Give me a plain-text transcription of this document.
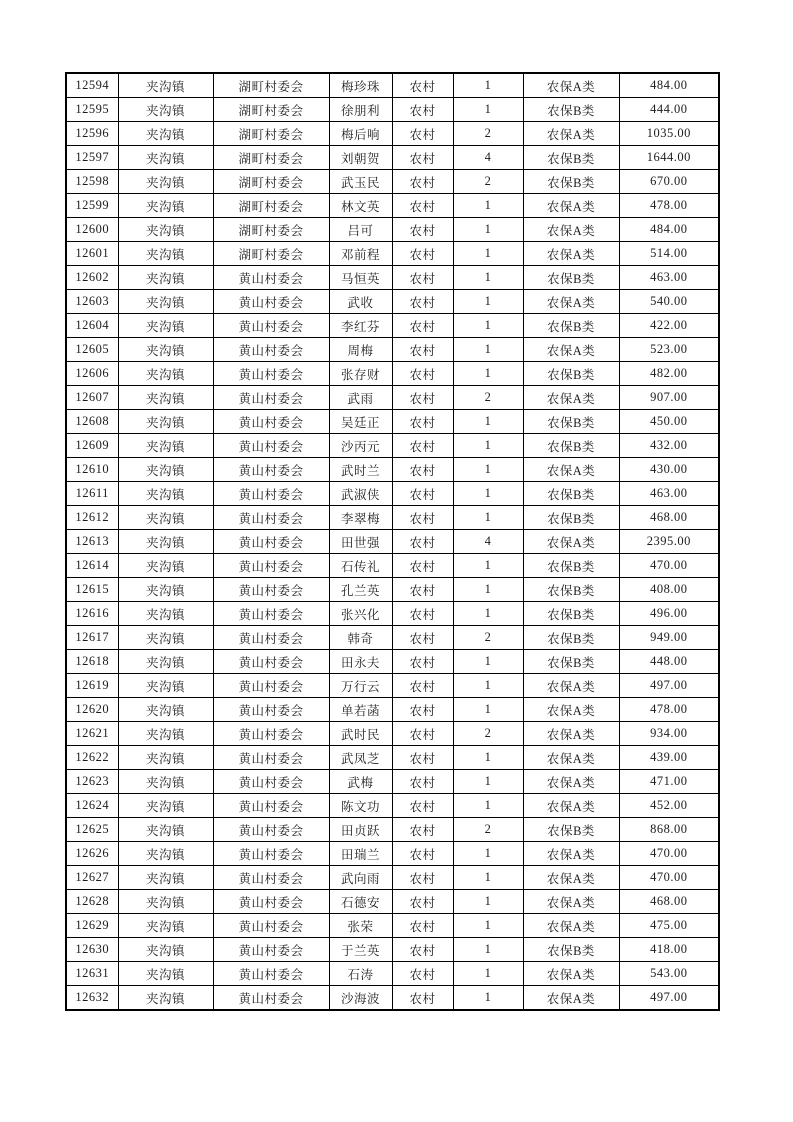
12594	夹沟镇	湖町村委会	梅珍珠	农村	1	农保A类	484.00
12595	夹沟镇	湖町村委会	徐朋利	农村	1	农保B类	444.00
12596	夹沟镇	湖町村委会	梅后响	农村	2	农保A类	1035.00
12597	夹沟镇	湖町村委会	刘朝贺	农村	4	农保B类	1644.00
12598	夹沟镇	湖町村委会	武玉民	农村	2	农保B类	670.00
12599	夹沟镇	湖町村委会	林文英	农村	1	农保A类	478.00
12600	夹沟镇	湖町村委会	吕可	农村	1	农保A类	484.00
12601	夹沟镇	湖町村委会	邓前程	农村	1	农保A类	514.00
12602	夹沟镇	黄山村委会	马恒英	农村	1	农保B类	463.00
12603	夹沟镇	黄山村委会	武收	农村	1	农保A类	540.00
12604	夹沟镇	黄山村委会	李红芬	农村	1	农保B类	422.00
12605	夹沟镇	黄山村委会	周梅	农村	1	农保A类	523.00
12606	夹沟镇	黄山村委会	张存财	农村	1	农保B类	482.00
12607	夹沟镇	黄山村委会	武雨	农村	2	农保A类	907.00
12608	夹沟镇	黄山村委会	吴廷正	农村	1	农保B类	450.00
12609	夹沟镇	黄山村委会	沙丙元	农村	1	农保B类	432.00
12610	夹沟镇	黄山村委会	武时兰	农村	1	农保A类	430.00
12611	夹沟镇	黄山村委会	武淑侠	农村	1	农保B类	463.00
12612	夹沟镇	黄山村委会	李翠梅	农村	1	农保B类	468.00
12613	夹沟镇	黄山村委会	田世强	农村	4	农保A类	2395.00
12614	夹沟镇	黄山村委会	石传礼	农村	1	农保B类	470.00
12615	夹沟镇	黄山村委会	孔兰英	农村	1	农保B类	408.00
12616	夹沟镇	黄山村委会	张兴化	农村	1	农保B类	496.00
12617	夹沟镇	黄山村委会	韩奇	农村	2	农保B类	949.00
12618	夹沟镇	黄山村委会	田永夫	农村	1	农保B类	448.00
12619	夹沟镇	黄山村委会	万行云	农村	1	农保A类	497.00
12620	夹沟镇	黄山村委会	单若菡	农村	1	农保A类	478.00
12621	夹沟镇	黄山村委会	武时民	农村	2	农保A类	934.00
12622	夹沟镇	黄山村委会	武凤芝	农村	1	农保A类	439.00
12623	夹沟镇	黄山村委会	武梅	农村	1	农保A类	471.00
12624	夹沟镇	黄山村委会	陈文功	农村	1	农保A类	452.00
12625	夹沟镇	黄山村委会	田贞跃	农村	2	农保B类	868.00
12626	夹沟镇	黄山村委会	田瑞兰	农村	1	农保A类	470.00
12627	夹沟镇	黄山村委会	武向雨	农村	1	农保A类	470.00
12628	夹沟镇	黄山村委会	石德安	农村	1	农保A类	468.00
12629	夹沟镇	黄山村委会	张荣	农村	1	农保A类	475.00
12630	夹沟镇	黄山村委会	于兰英	农村	1	农保B类	418.00
12631	夹沟镇	黄山村委会	石涛	农村	1	农保A类	543.00
12632	夹沟镇	黄山村委会	沙海波	农村	1	农保A类	497.00
